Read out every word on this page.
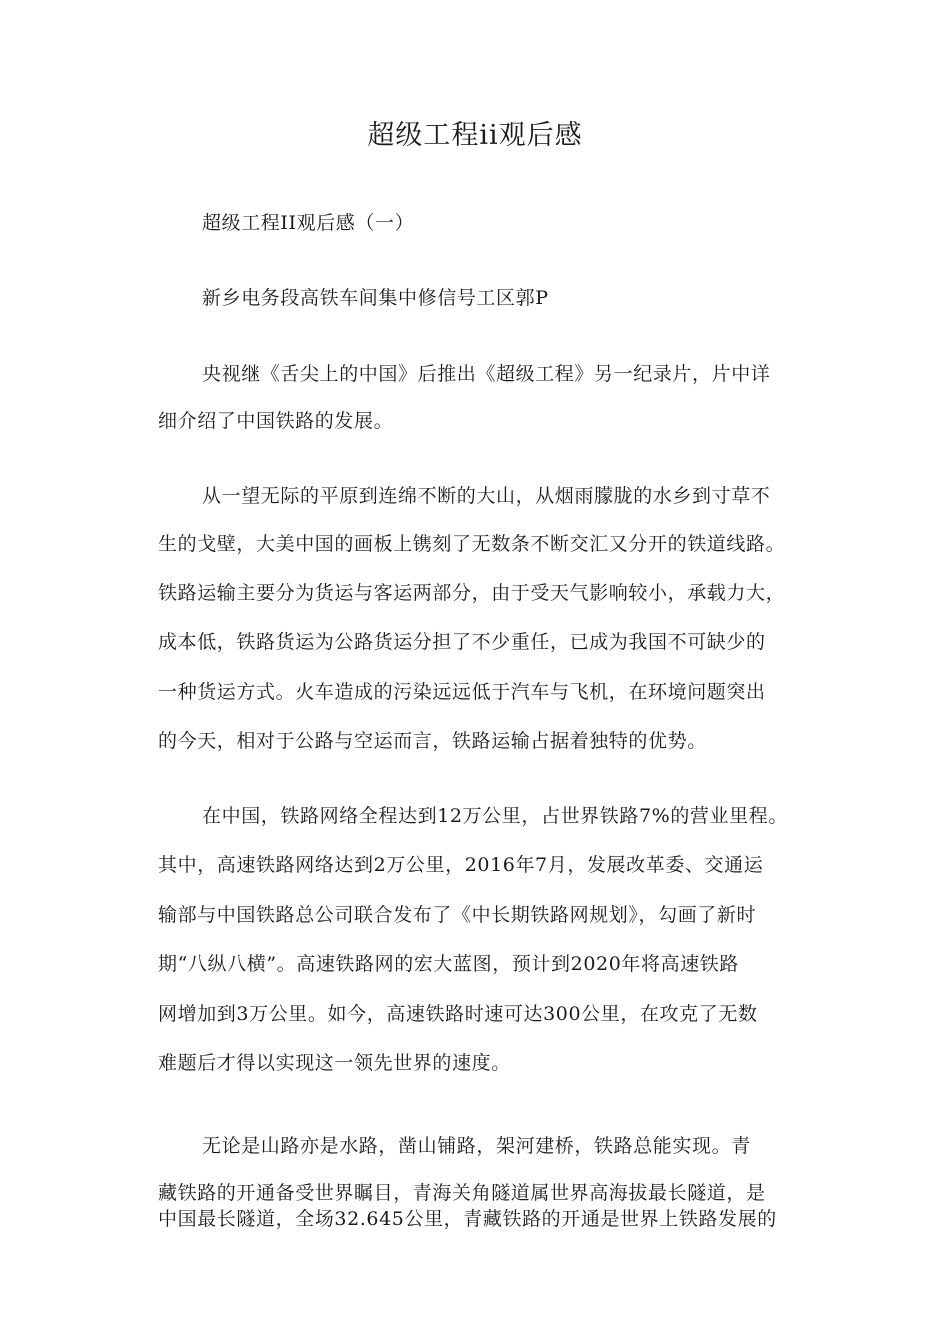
超级工程ii观后感
超级工程II观后感（一）
新乡电务段高铁车间集中修信号工区郭P
央视继《舌尖上的中国》后推出《超级工程》另一纪录片，片中详
细介绍了中国铁路的发展。
从一望无际的平原到连绵不断的大山，从烟雨朦胧的水乡到寸草不
生的戈壁，大美中国的画板上镌刻了无数条不断交汇又分开的铁道线路。
铁路运输主要分为货运与客运两部分，由于受天气影响较小，承载力大，
成本低，铁路货运为公路货运分担了不少重任，已成为我国不可缺少的
一种货运方式。火车造成的污染远远低于汽车与飞机，在环境问题突出
的今天，相对于公路与空运而言，铁路运输占据着独特的优势。
在中国，铁路网络全程达到12万公里，占世界铁路7%的营业里程。
其中，高速铁路网络达到2万公里，2016年7月，发展改革委、交通运
输部与中国铁路总公司联合发布了《中长期铁路网规划》，勾画了新时
期“八纵八横”。高速铁路网的宏大蓝图，预计到2020年将高速铁路
网增加到3万公里。如今，高速铁路时速可达300公里，在攻克了无数
难题后才得以实现这一领先世界的速度。
无论是山路亦是水路，凿山铺路，架河建桥，铁路总能实现。青
藏铁路的开通备受世界瞩目，青海关角隧道属世界高海拔最长隧道，是
中国最长隧道，全场32.645公里，青藏铁路的开通是世界上铁路发展的
